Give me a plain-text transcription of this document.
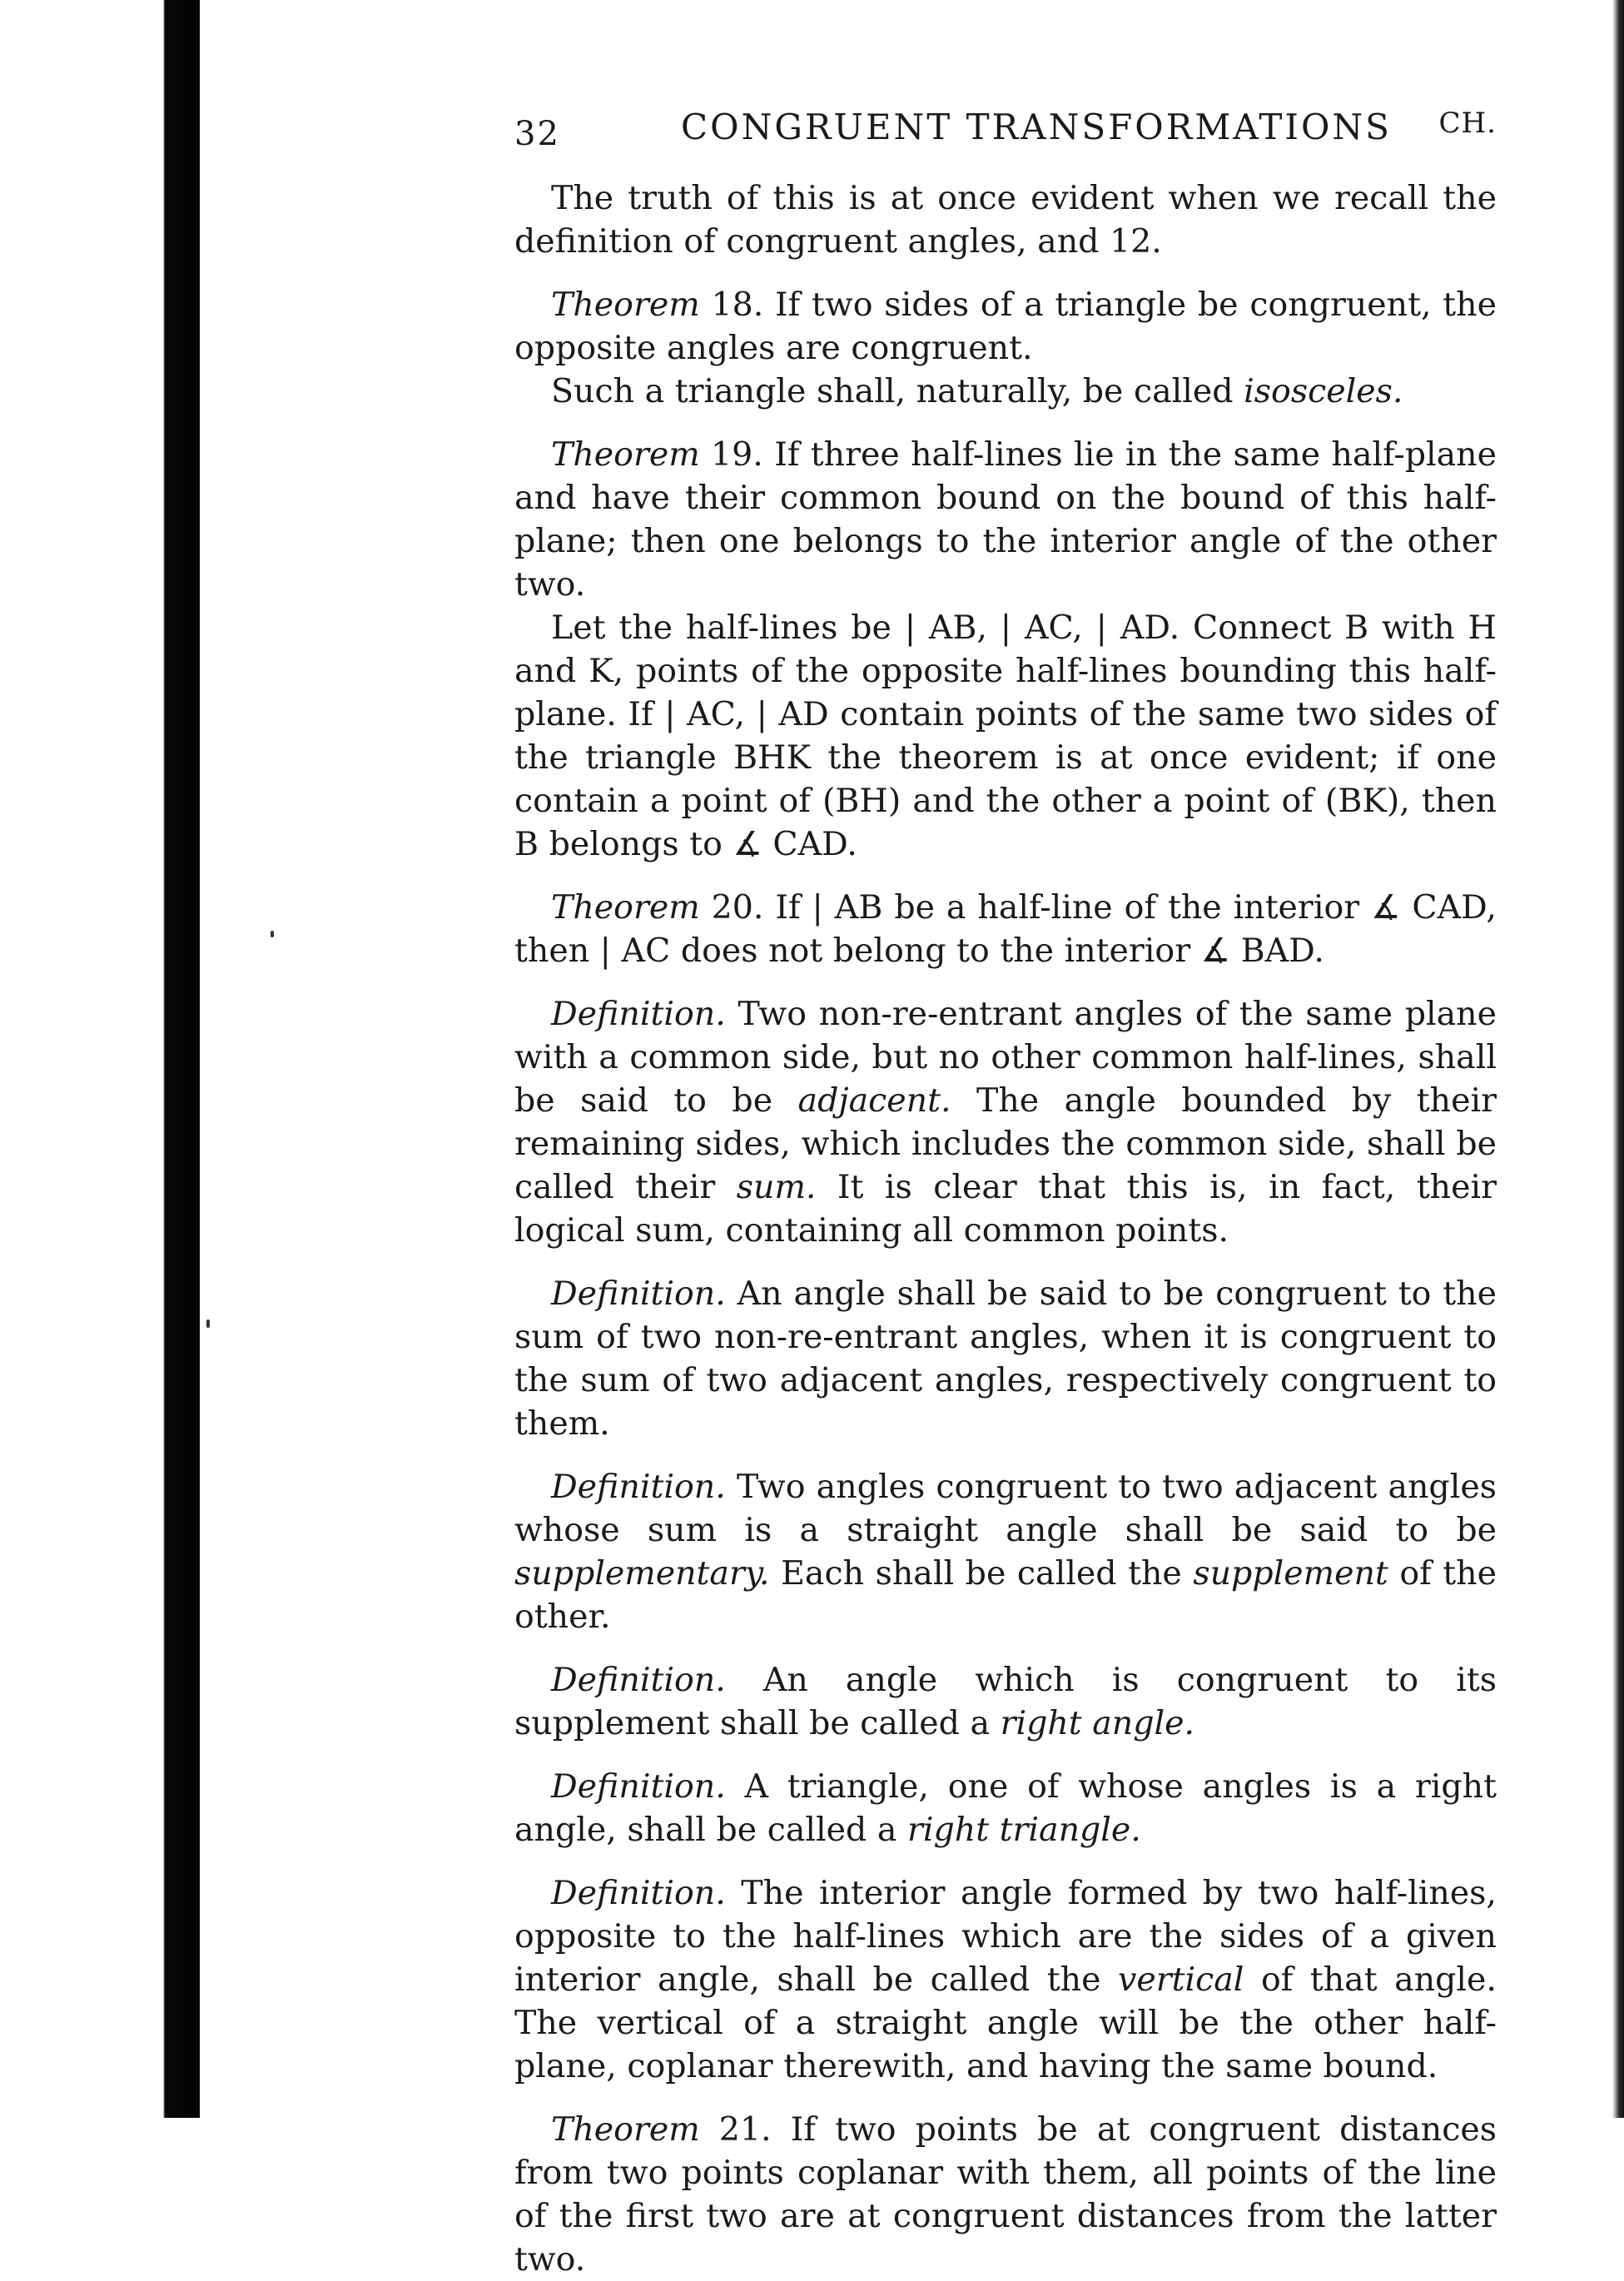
32	CONGRUENT TRANSFORMATIONS CH.

The truth of this is at once evident when we recall the definition of congruent angles, and 12.

Theorem 18. If two sides of a triangle be congruent, the opposite angles are congruent.

Such a triangle shall, naturally, be called isosceles.

Theorem 19. If three half-lines lie in the same half-plane and have their common bound on the bound of this half-plane; then one belongs to the interior angle of the other two.

Let the half-lines be | AB, | AC, | AD. Connect B with H and K, points of the opposite half-lines bounding this half-plane. If | AC, | AD contain points of the same two sides of the triangle BHK the theorem is at once evident; if one contain a point of (BH) and the other a point of (BK), then B belongs to ∡ CAD.

Theorem 20. If | AB be a half-line of the interior ∡ CAD, then | AC does not belong to the interior ∡ BAD.

Definition. Two non-re-entrant angles of the same plane with a common side, but no other common half-lines, shall be said to be adjacent. The angle bounded by their remaining sides, which includes the common side, shall be called their sum. It is clear that this is, in fact, their logical sum, containing all common points.

Definition. An angle shall be said to be congruent to the sum of two non-re-entrant angles, when it is congruent to the sum of two adjacent angles, respectively congruent to them.

Definition. Two angles congruent to two adjacent angles whose sum is a straight angle shall be said to be supplementary. Each shall be called the supplement of the other.

Definition. An angle which is congruent to its supplement shall be called a right angle.

Definition. A triangle, one of whose angles is a right angle, shall be called a right triangle.

Definition. The interior angle formed by two half-lines, opposite to the half-lines which are the sides of a given interior angle, shall be called the vertical of that angle. The vertical of a straight angle will be the other half-plane, coplanar therewith, and having the same bound.

Theorem 21. If two points be at congruent distances from two points coplanar with them, all points of the line of the first two are at congruent distances from the latter two.
